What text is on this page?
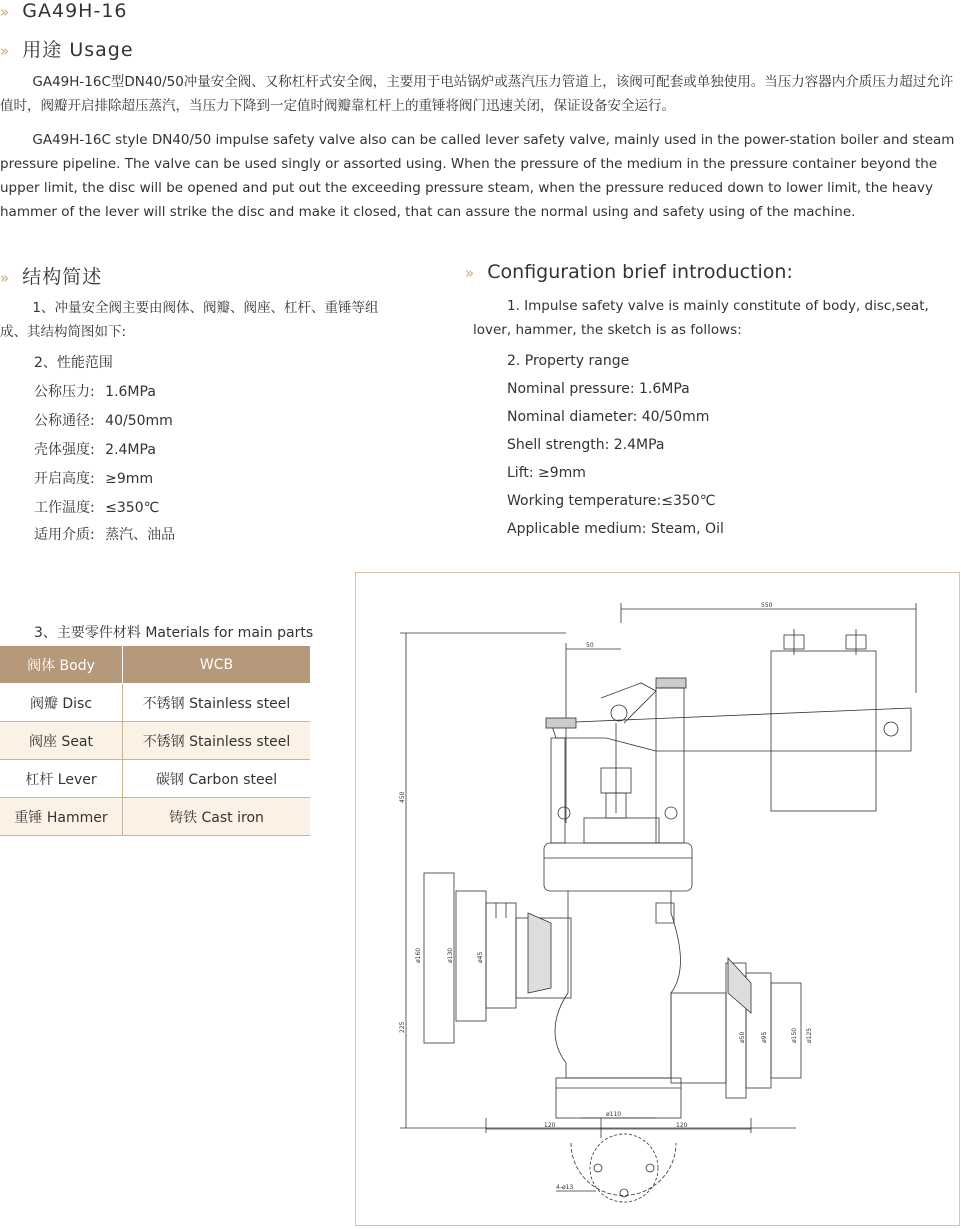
» GA49H-16
» 用途 Usage
GA49H-16C型DN40/50冲量安全阀、又称杠杆式安全阀，主要用于电站锅炉或蒸汽压力管道上，该阀可配套或单独使用。当压力容器内介质压力超过允许值时，阀瓣开启排除超压蒸汽，当压力下降到一定值时阀瓣靠杠杆上的重锤将阀门迅速关闭，保证设备安全运行。
GA49H-16C style DN40/50 impulse safety valve also can be called lever safety valve, mainly used in the power-station boiler and steam pressure pipeline. The valve can be used singly or assorted using. When the pressure of the medium in the pressure container beyond the upper limit, the disc will be opened and put out the exceeding pressure steam, when the pressure reduced down to lower limit, the heavy hammer of the lever will strike the disc and make it closed, that can assure the normal using and safety using of the machine.
» 结构简述
1、冲量安全阀主要由阀体、阀瓣、阀座、杠杆、重锤等组成、其结构简图如下:
2、性能范围
公称压力: 1.6MPa
公称通径: 40/50mm
壳体强度: 2.4MPa
开启高度: ≥9mm
工作温度: ≤350℃
适用介质: 蒸汽、油品
» Configuration brief introduction:
1. Impulse safety valve is mainly constitute of body, disc,seat, lover, hammer, the sketch is as follows:
2. Property range
Nominal pressure: 1.6MPa
Nominal diameter: 40/50mm
Shell strength: 2.4MPa
Lift: ≥9mm
Working temperature:≤350℃
Applicable medium: Steam, Oil
3、主要零件材料 Materials for main parts
阀体 Body	WCB
阀瓣 Disc	不锈钢 Stainless steel
阀座 Seat	不锈钢 Stainless steel
杠杆 Lever	碳钢 Carbon steel
重锤 Hammer	铸铁 Cast iron
550
50
450
225
ø160	ø130	ø45
ø95	ø150 ø125
ø50
ø110
120	120
4-ø13
